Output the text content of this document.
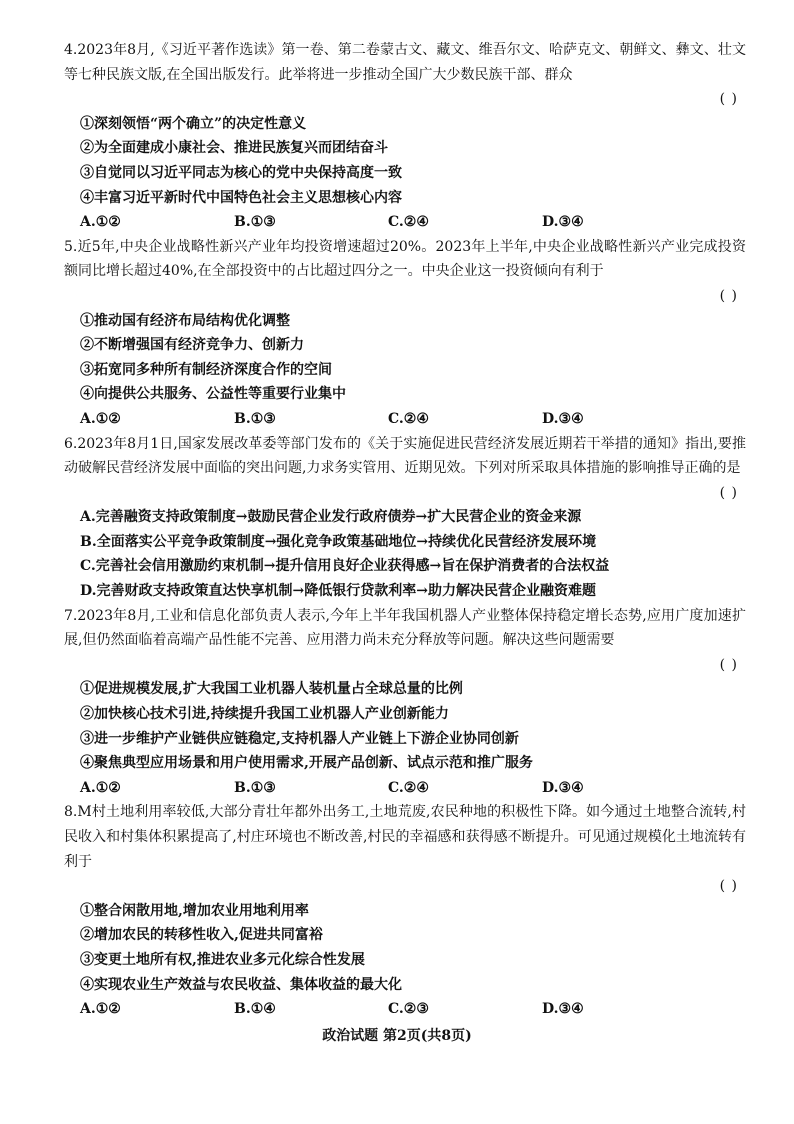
4.2023年8月,《习近平著作选读》第一卷、第二卷蒙古文、藏文、维吾尔文、哈萨克文、朝鲜文、彝文、壮文等七种民族文版,在全国出版发行。此举将进一步推动全国广大少数民族干部、群众

( )

①深刻领悟“两个确立”的决定性意义

②为全面建成小康社会、推进民族复兴而团结奋斗

③自觉同以习近平同志为核心的党中央保持高度一致

④丰富习近平新时代中国特色社会主义思想核心内容

A.①②	B.①③	C.②④	D.③④

5.近5年,中央企业战略性新兴产业年均投资增速超过20%。2023年上半年,中央企业战略性新兴产业完成投资额同比增长超过40%,在全部投资中的占比超过四分之一。中央企业这一投资倾向有利于

( )

①推动国有经济布局结构优化调整

②不断增强国有经济竞争力、创新力

③拓宽同多种所有制经济深度合作的空间

④向提供公共服务、公益性等重要行业集中

A.①②	B.①③	C.②④	D.③④

6.2023年8月1日,国家发展改革委等部门发布的《关于实施促进民营经济发展近期若干举措的通知》指出,要推动破解民营经济发展中面临的突出问题,力求务实管用、近期见效。下列对所采取具体措施的影响推导正确的是

( )

A.完善融资支持政策制度→鼓励民营企业发行政府债券→扩大民营企业的资金来源

B.全面落实公平竞争政策制度→强化竞争政策基础地位→持续优化民营经济发展环境

C.完善社会信用激励约束机制→提升信用良好企业获得感→旨在保护消费者的合法权益

D.完善财政支持政策直达快享机制→降低银行贷款利率→助力解决民营企业融资难题

7.2023年8月,工业和信息化部负责人表示,今年上半年我国机器人产业整体保持稳定增长态势,应用广度加速扩展,但仍然面临着高端产品性能不完善、应用潜力尚未充分释放等问题。解决这些问题需要

( )

①促进规模发展,扩大我国工业机器人装机量占全球总量的比例

②加快核心技术引进,持续提升我国工业机器人产业创新能力

③进一步维护产业链供应链稳定,支持机器人产业链上下游企业协同创新

④聚焦典型应用场景和用户使用需求,开展产品创新、试点示范和推广服务

A.①②	B.①③	C.②④	D.③④

8.M村土地利用率较低,大部分青壮年都外出务工,土地荒废,农民种地的积极性下降。如今通过土地整合流转,村民收入和村集体积累提高了,村庄环境也不断改善,村民的幸福感和获得感不断提升。可见通过规模化土地流转有利于

( )

①整合闲散用地,增加农业用地利用率

②增加农民的转移性收入,促进共同富裕

③变更土地所有权,推进农业多元化综合性发展

④实现农业生产效益与农民收益、集体收益的最大化

A.①②	B.①④	C.②③	D.③④
政治试题 第2页(共8页)
